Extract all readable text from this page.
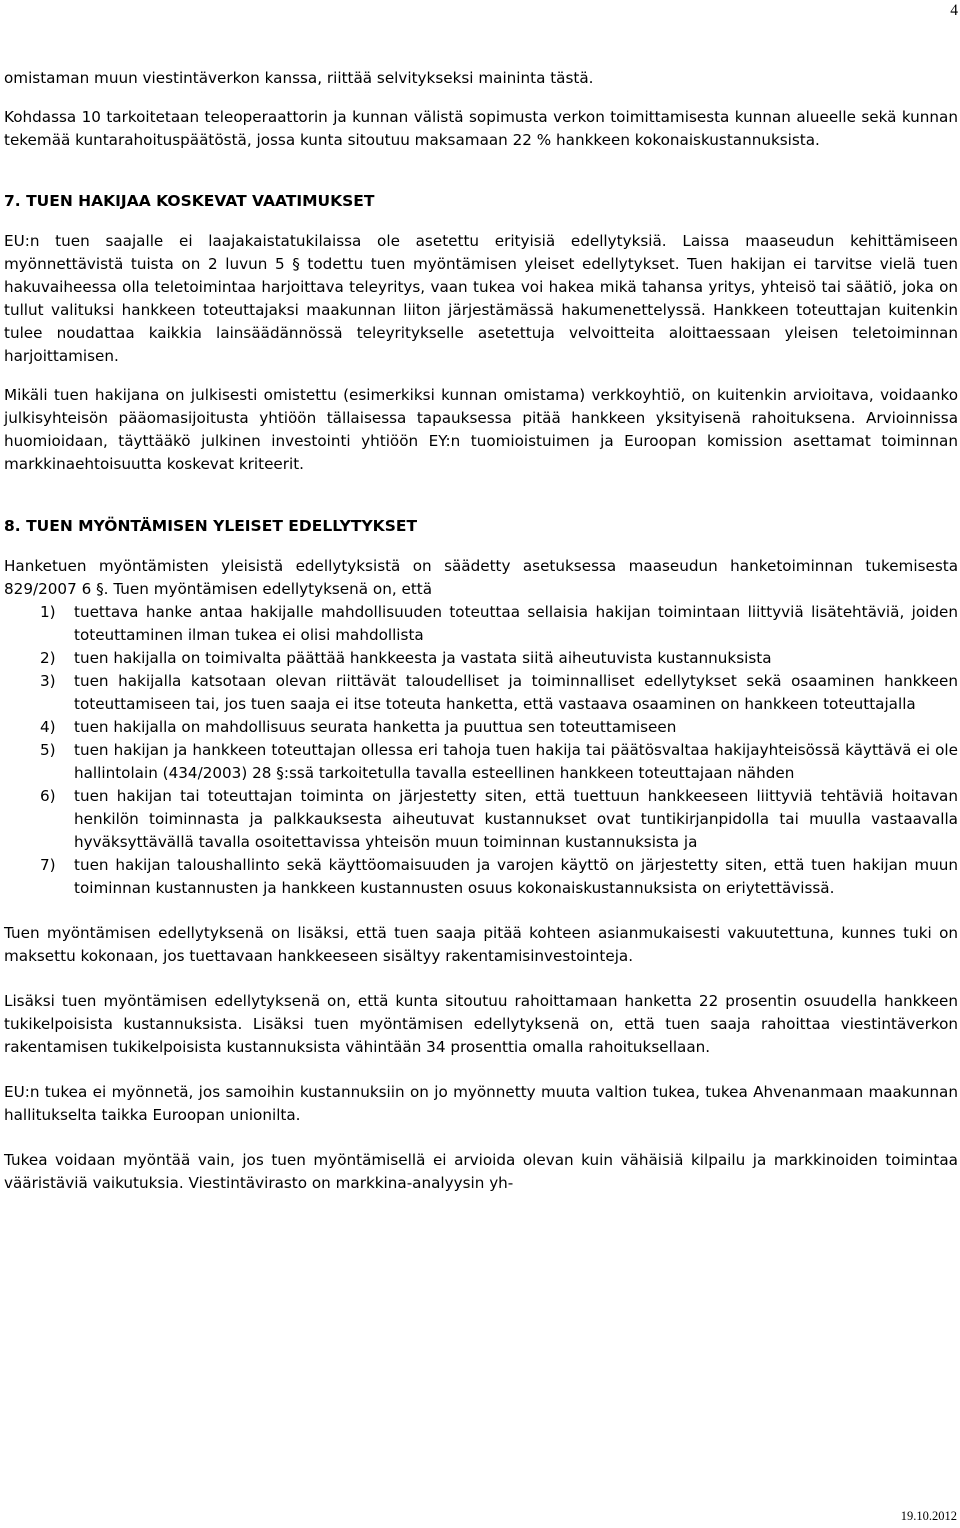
4

omistaman muun viestintäverkon kanssa, riittää selvitykseksi maininta tästä.

Kohdassa 10 tarkoitetaan teleoperaattorin ja kunnan välistä sopimusta verkon toimittamisesta kunnan alueelle sekä kunnan tekemää kuntarahoituspäätöstä, jossa kunta sitoutuu maksamaan 22 % hankkeen kokonaiskustannuksista.

7. TUEN HAKIJAA KOSKEVAT VAATIMUKSET

EU:n tuen saajalle ei laajakaistatukilaissa ole asetettu erityisiä edellytyksiä. Laissa maaseudun kehittämiseen myönnettävistä tuista on 2 luvun 5 § todettu tuen myöntämisen yleiset edellytykset. Tuen hakijan ei tarvitse vielä tuen hakuvaiheessa olla teletoimintaa harjoittava teleyritys, vaan tukea voi hakea mikä tahansa yritys, yhteisö tai säätiö, joka on tullut valituksi hankkeen toteuttajaksi maakunnan liiton järjestämässä hakumenettelyssä. Hankkeen toteuttajan kuitenkin tulee noudattaa kaikkia lainsäädännössä teleyritykselle asetettuja velvoitteita aloittaessaan yleisen teletoiminnan harjoittamisen.

Mikäli tuen hakijana on julkisesti omistettu (esimerkiksi kunnan omistama) verkkoyhtiö, on kuitenkin arvioitava, voidaanko julkisyhteisön pääomasijoitusta yhtiöön tällaisessa tapauksessa pitää hankkeen yksityisenä rahoituksena. Arvioinnissa huomioidaan, täyttääkö julkinen investointi yhtiöön EY:n tuomioistuimen ja Euroopan komission asettamat toiminnan markkinaehtoisuutta koskevat kriteerit.

8. TUEN MYÖNTÄMISEN YLEISET EDELLYTYKSET

Hanketuen myöntämisten yleisistä edellytyksistä on säädetty asetuksessa maaseudun hanketoiminnan tukemisesta 829/2007 6 §. Tuen myöntämisen edellytyksenä on, että

1) tuettava hanke antaa hakijalle mahdollisuuden toteuttaa sellaisia hakijan toimintaan liittyviä lisätehtäviä, joiden toteuttaminen ilman tukea ei olisi mahdollista
2) tuen hakijalla on toimivalta päättää hankkeesta ja vastata siitä aiheutuvista kustannuksista
3) tuen hakijalla katsotaan olevan riittävät taloudelliset ja toiminnalliset edellytykset sekä osaaminen hankkeen toteuttamiseen tai, jos tuen saaja ei itse toteuta hanketta, että vastaava osaaminen on hankkeen toteuttajalla
4) tuen hakijalla on mahdollisuus seurata hanketta ja puuttua sen toteuttamiseen
5) tuen hakijan ja hankkeen toteuttajan ollessa eri tahoja tuen hakija tai päätösvaltaa hakijayhteisössä käyttävä ei ole hallintolain (434/2003) 28 §:ssä tarkoitetulla tavalla esteellinen hankkeen toteuttajaan nähden
6) tuen hakijan tai toteuttajan toiminta on järjestetty siten, että tuettuun hankkeeseen liittyviä tehtäviä hoitavan henkilön toiminnasta ja palkkauksesta aiheutuvat kustannukset ovat tuntikirjanpidolla tai muulla vastaavalla hyväksyttävällä tavalla osoitettavissa yhteisön muun toiminnan kustannuksista ja
7) tuen hakijan taloushallinto sekä käyttöomaisuuden ja varojen käyttö on järjestetty siten, että tuen hakijan muun toiminnan kustannusten ja hankkeen kustannusten osuus kokonaiskustannuksista on eriytettävissä.

Tuen myöntämisen edellytyksenä on lisäksi, että tuen saaja pitää kohteen asianmukaisesti vakuutettuna, kunnes tuki on maksettu kokonaan, jos tuettavaan hankkeeseen sisältyy rakentamisinvestointeja.

Lisäksi tuen myöntämisen edellytyksenä on, että kunta sitoutuu rahoittamaan hanketta 22 prosentin osuudella hankkeen tukikelpoisista kustannuksista. Lisäksi tuen myöntämisen edellytyksenä on, että tuen saaja rahoittaa viestintäverkon rakentamisen tukikelpoisista kustannuksista vähintään 34 prosenttia omalla rahoituksellaan.

EU:n tukea ei myönnetä, jos samoihin kustannuksiin on jo myönnetty muuta valtion tukea, tukea Ahvenanmaan maakunnan hallitukselta taikka Euroopan unionilta.

Tukea voidaan myöntää vain, jos tuen myöntämisellä ei arvioida olevan kuin vähäisiä kilpailu ja markkinoiden toimintaa vääristäviä vaikutuksia. Viestintävirasto on markkina-analyysin yh-

19.10.2012
